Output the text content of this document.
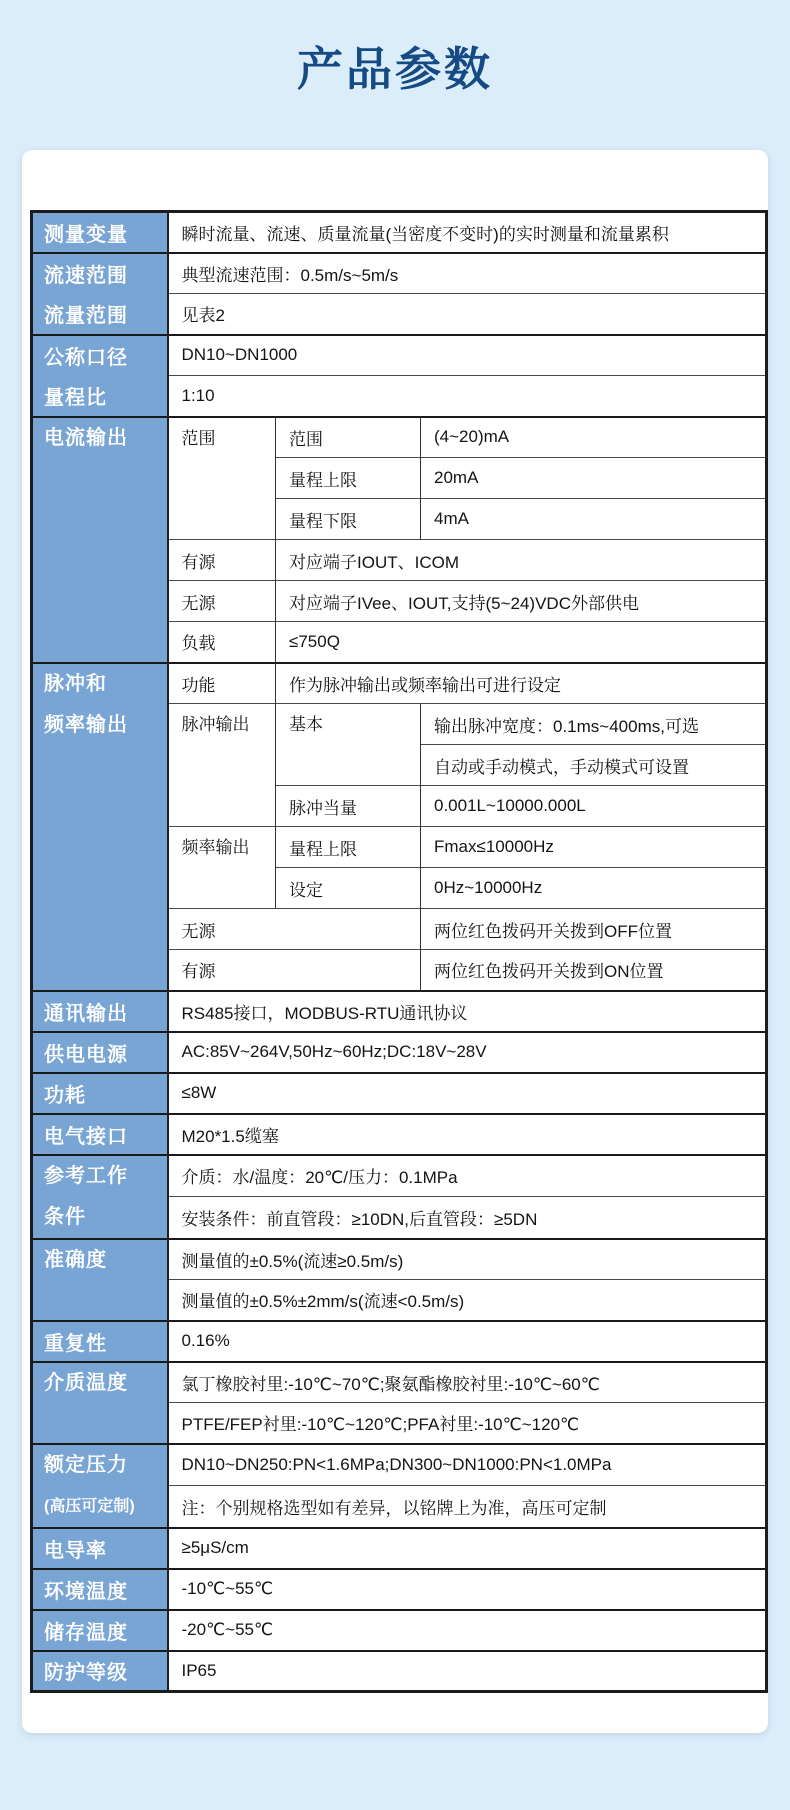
产品参数
测量变量	瞬时流量、流速、质量流量(当密度不变时)的实时测量和流量累积		
流速范围	典型流速范围：0.5m/s~5m/s		
流量范围	见表2		
公称口径	DN10~DN1000		
量程比	1:10		

电流输出	范围	范围	(4~20)mA
		量程上限	20mA
		量程下限	4mA
	有源	对应端子IOUT、ICOM	
	无源	对应端子IVee、IOUT,支持(5~24)VDC外部供电	
	负载	≤750Q	

脉冲和
频率输出	功能	作为脉冲输出或频率输出可进行设定	

	脉冲输出	基本	输出脉冲宽度：0.1ms~400ms,可选
			自动或手动模式，手动模式可设置
		脉冲当量	0.001L~10000.000L

	频率输出	量程上限	Fmax≤10000Hz
		设定	0Hz~10000Hz
	无源		两位红色拨码开关拨到OFF位置
	有源		两位红色拨码开关拨到ON位置
通讯输出	RS485接口，MODBUS-RTU通讯协议		
供电电源	AC:85V~264V,50Hz~60Hz;DC:18V~28V		
功耗	≤8W		
电气接口	M20*1.5缆塞		

参考工作
条件	介质：水/温度：20℃/压力：0.1MPa		
	安装条件：前直管段：≥10DN,后直管段：≥5DN		

准确度	测量值的±0.5%(流速≥0.5m/s)		
	测量值的±0.5%±2mm/s(流速<0.5m/s)		
重复性	0.16%		

介质温度	氯丁橡胶衬里:-10℃~70℃;聚氨酯橡胶衬里:-10℃~60℃		
	PTFE/FEP衬里:-10℃~120℃;PFA衬里:-10℃~120℃		

额定压力
(高压可定制)	DN10~DN250:PN<1.6MPa;DN300~DN1000:PN<1.0MPa		
	注：个别规格选型如有差异，以铭牌上为准，高压可定制		
电导率	≥5μS/cm		
环境温度	-10℃~55℃		
储存温度	-20℃~55℃		
防护等级	IP65		
